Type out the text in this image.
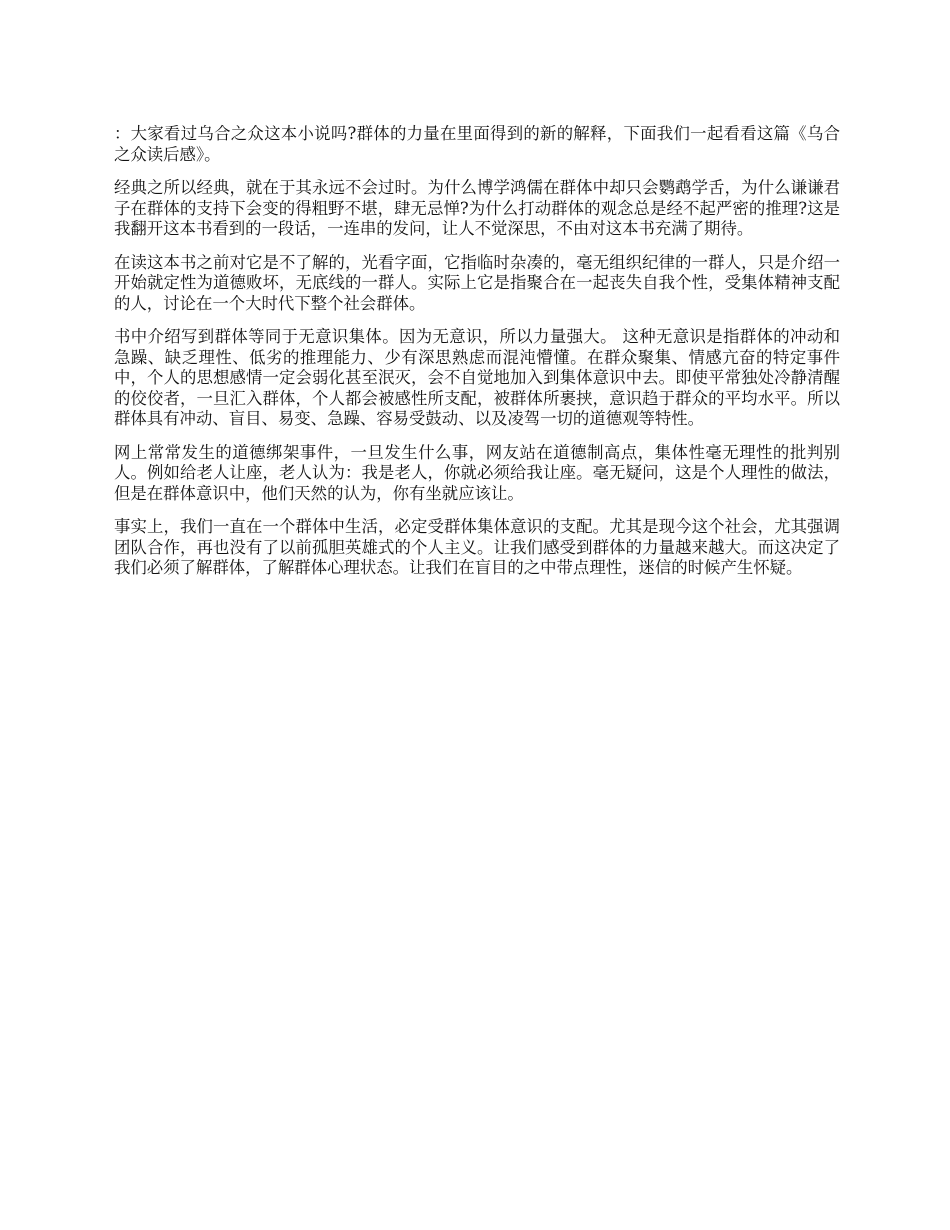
：大家看过乌合之众这本小说吗?群体的力量在里面得到的新的解释，下面我们一起看看这篇《乌合之众读后感》。

经典之所以经典，就在于其永远不会过时。为什么博学鸿儒在群体中却只会鹦鹉学舌，为什么谦谦君子在群体的支持下会变的得粗野不堪，肆无忌惮?为什么打动群体的观念总是经不起严密的推理?这是我翻开这本书看到的一段话，一连串的发问，让人不觉深思，不由对这本书充满了期待。

在读这本书之前对它是不了解的，光看字面，它指临时杂凑的，毫无组织纪律的一群人，只是介绍一开始就定性为道德败坏，无底线的一群人。实际上它是指聚合在一起丧失自我个性，受集体精神支配的人，讨论在一个大时代下整个社会群体。

书中介绍写到群体等同于无意识集体。因为无意识，所以力量强大。 这种无意识是指群体的冲动和急躁、缺乏理性、低劣的推理能力、少有深思熟虑而混沌懵懂。在群众聚集、情感亢奋的特定事件中，个人的思想感情一定会弱化甚至泯灭，会不自觉地加入到集体意识中去。即使平常独处冷静清醒的佼佼者，一旦汇入群体，个人都会被感性所支配，被群体所裹挟，意识趋于群众的平均水平。所以群体具有冲动、盲目、易变、急躁、容易受鼓动、以及凌驾一切的道德观等特性。

网上常常发生的道德绑架事件，一旦发生什么事，网友站在道德制高点，集体性毫无理性的批判别人。例如给老人让座，老人认为：我是老人，你就必须给我让座。毫无疑问，这是个人理性的做法，但是在群体意识中，他们天然的认为，你有坐就应该让。

事实上，我们一直在一个群体中生活，必定受群体集体意识的支配。尤其是现今这个社会，尤其强调团队合作，再也没有了以前孤胆英雄式的个人主义。让我们感受到群体的力量越来越大。而这决定了我们必须了解群体，了解群体心理状态。让我们在盲目的之中带点理性，迷信的时候产生怀疑。
